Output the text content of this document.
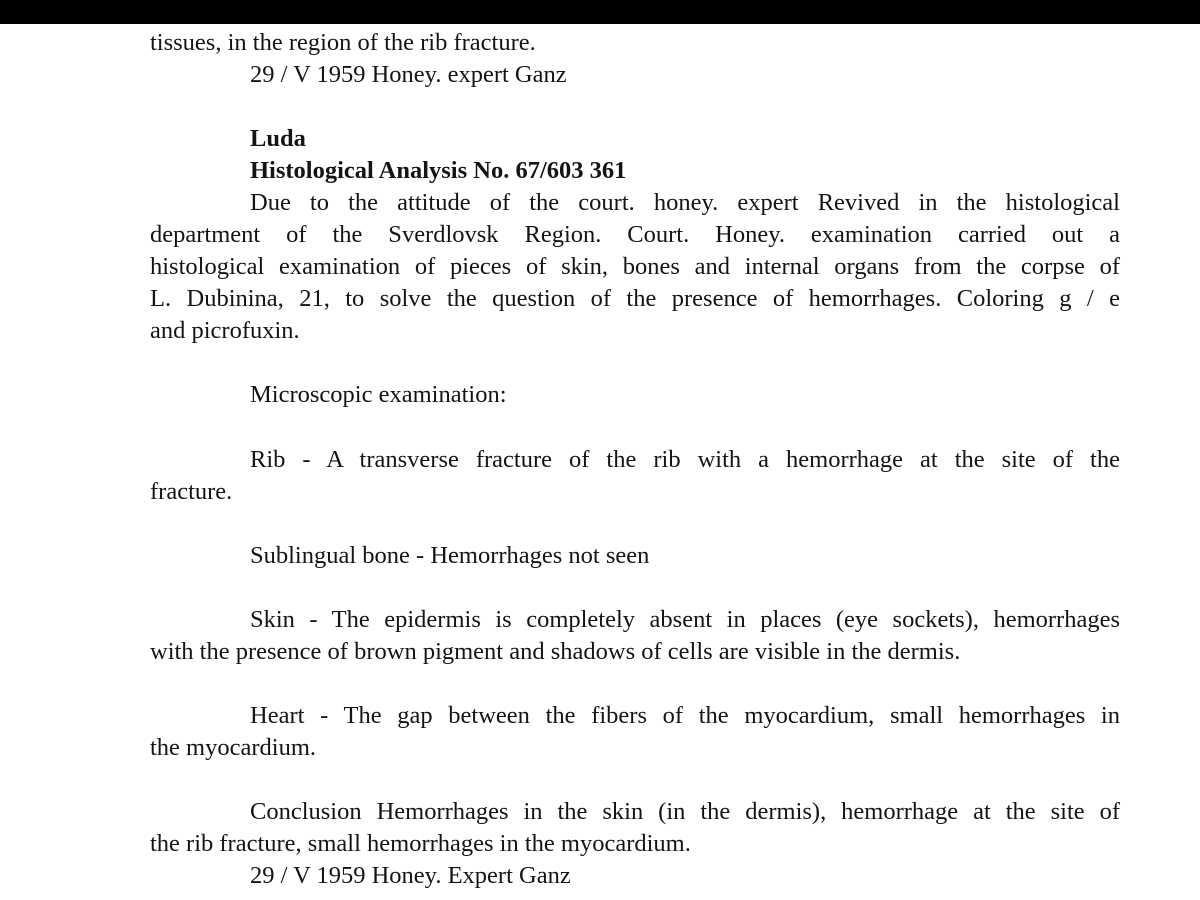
tissues, in the region of the rib fracture.
29 / V 1959 Honey. expert Ganz
Luda
Histological Analysis No. 67/603 361
Due to the attitude of the court. honey. expert Revived in the histological
department of the Sverdlovsk Region. Court. Honey. examination carried out a
histological examination of pieces of skin, bones and internal organs from the corpse of
L. Dubinina, 21, to solve the question of the presence of hemorrhages. Coloring g / e
and picrofuxin.
Microscopic examination:
Rib - A transverse fracture of the rib with a hemorrhage at the site of the
fracture.
Sublingual bone - Hemorrhages not seen
Skin - The epidermis is completely absent in places (eye sockets), hemorrhages
with the presence of brown pigment and shadows of cells are visible in the dermis.
Heart - The gap between the fibers of the myocardium, small hemorrhages in
the myocardium.
Conclusion Hemorrhages in the skin (in the dermis), hemorrhage at the site of
the rib fracture, small hemorrhages in the myocardium.
29 / V 1959 Honey. Expert Ganz
